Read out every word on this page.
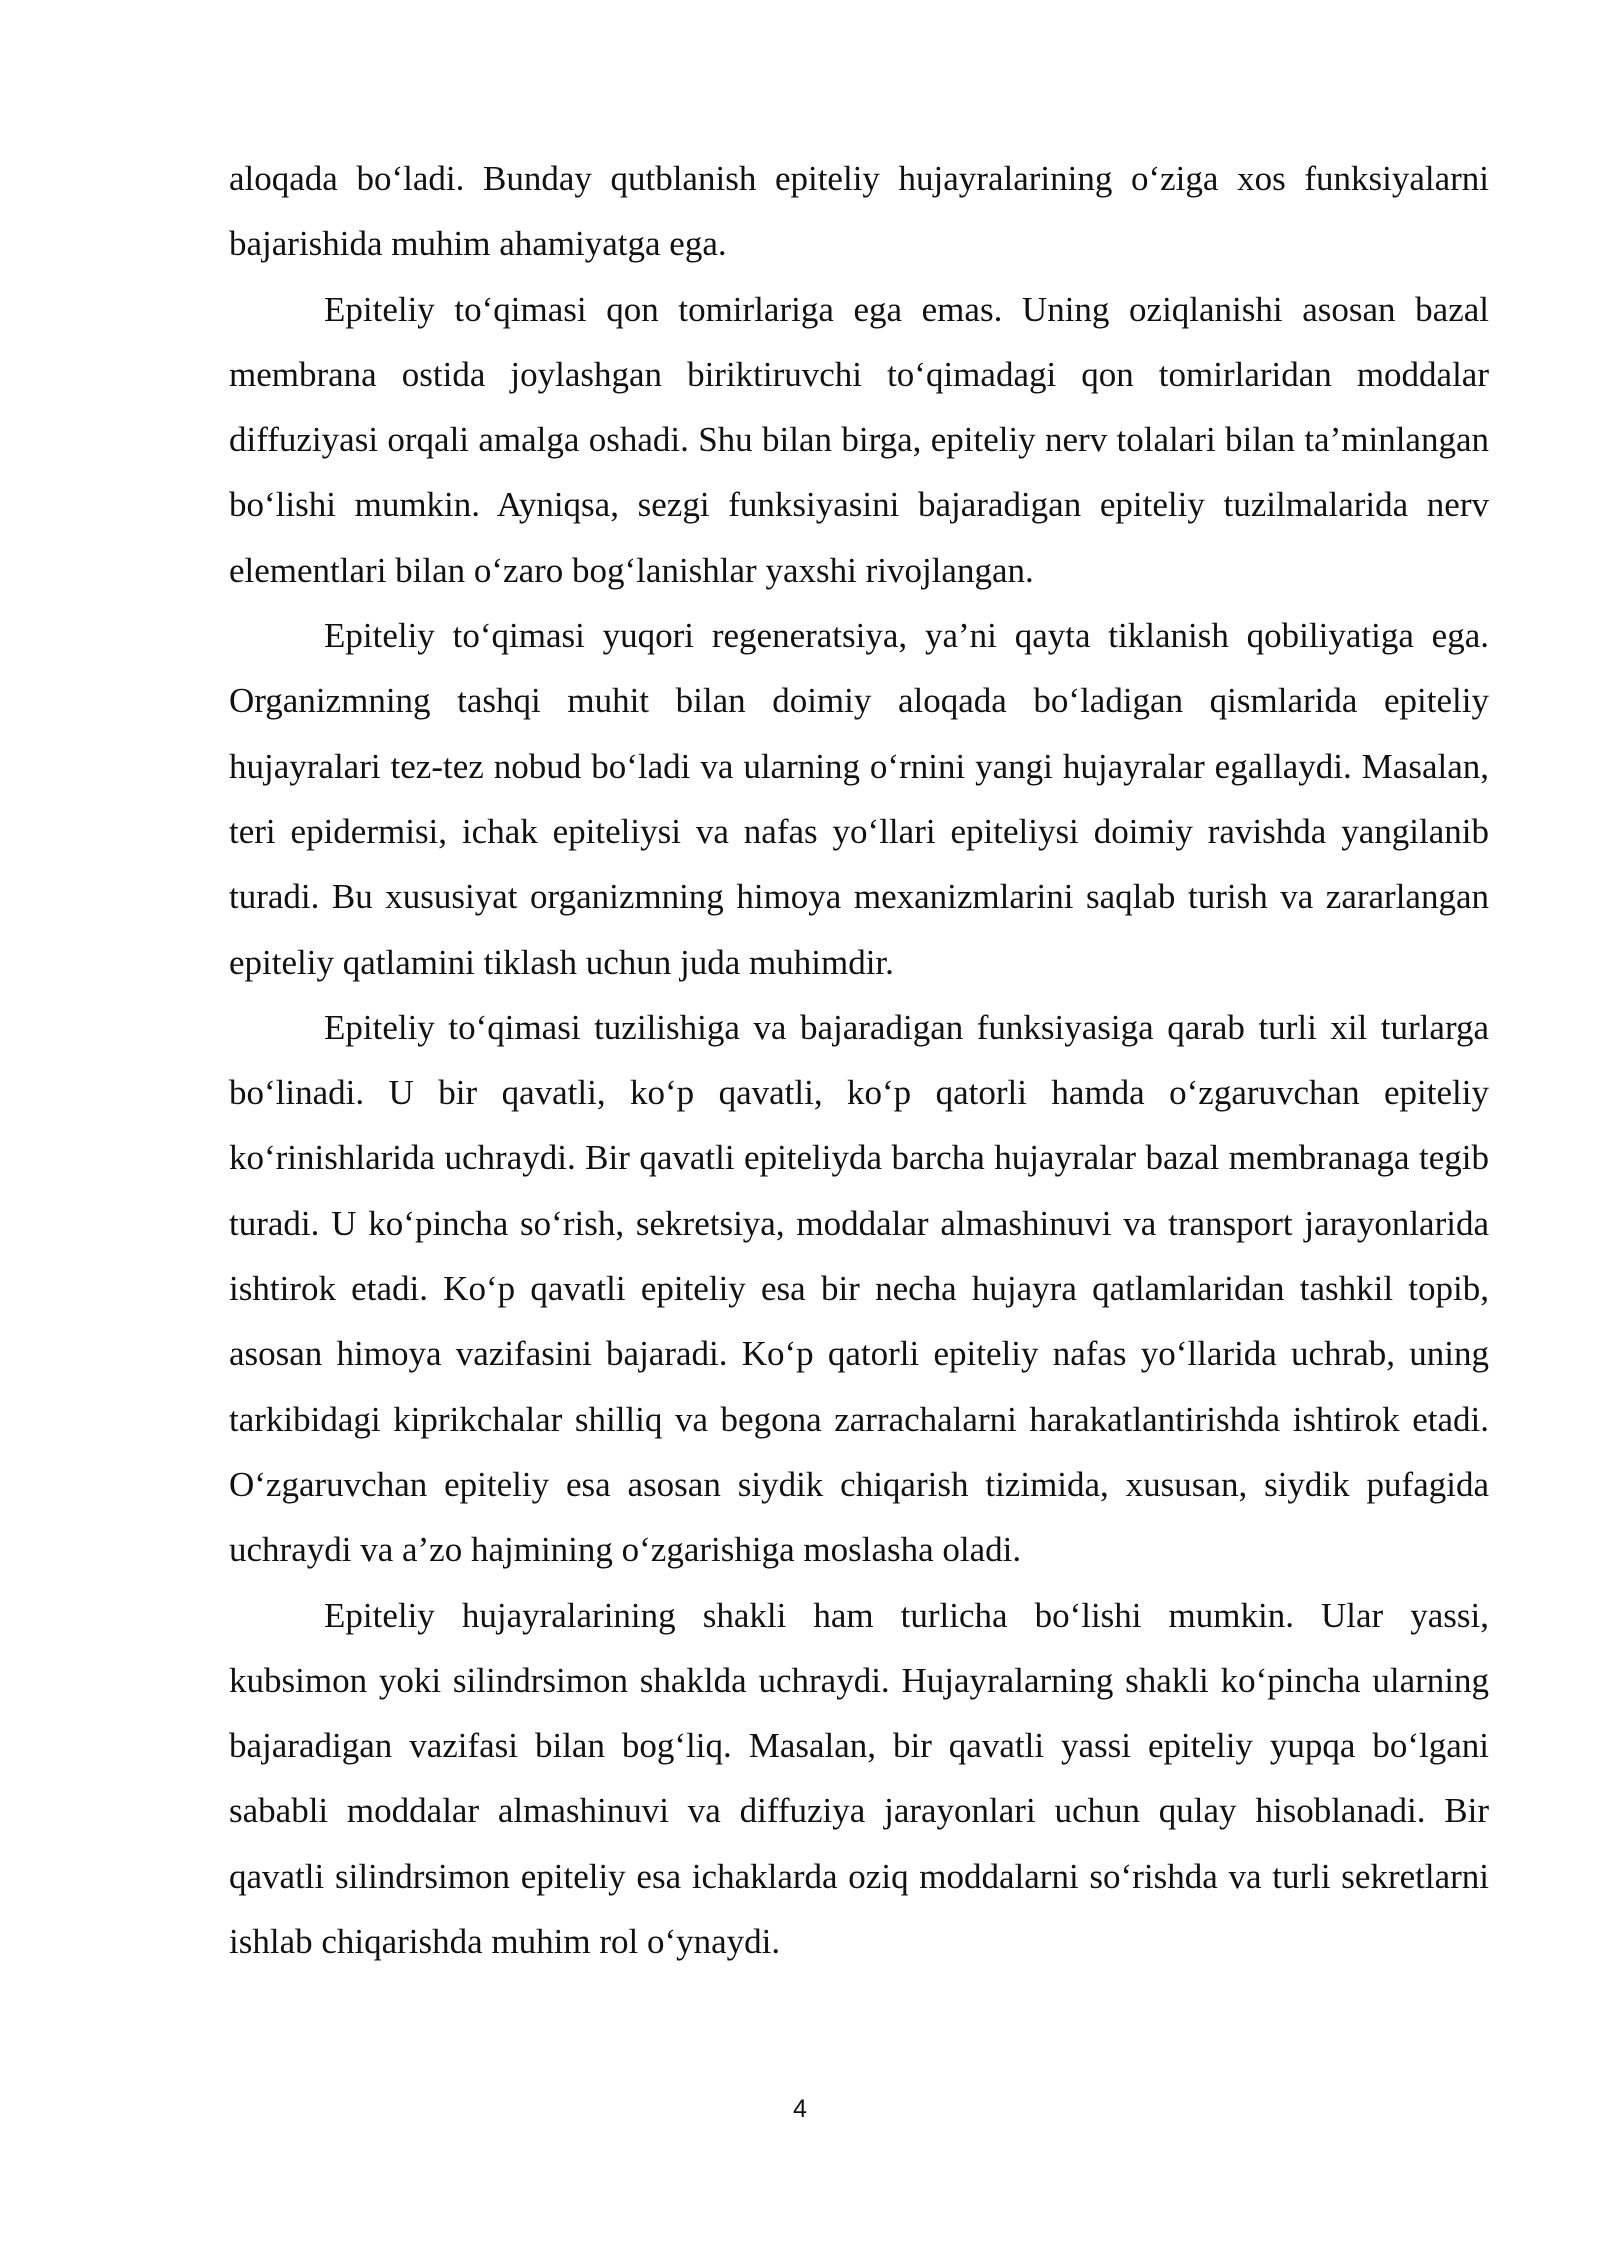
aloqada bo‘ladi. Bunday qutblanish epiteliy hujayralarining o‘ziga xos funksiyalarni bajarishida muhim ahamiyatga ega.

Epiteliy to‘qimasi qon tomirlariga ega emas. Uning oziqlanishi asosan bazal membrana ostida joylashgan biriktiruvchi to‘qimadagi qon tomirlaridan moddalar diffuziyasi orqali amalga oshadi. Shu bilan birga, epiteliy nerv tolalari bilan ta’minlangan bo‘lishi mumkin. Ayniqsa, sezgi funksiyasini bajaradigan epiteliy tuzilmalarida nerv elementlari bilan o‘zaro bog‘lanishlar yaxshi rivojlangan.

Epiteliy to‘qimasi yuqori regeneratsiya, ya’ni qayta tiklanish qobiliyatiga ega. Organizmning tashqi muhit bilan doimiy aloqada bo‘ladigan qismlarida epiteliy hujayralari tez-tez nobud bo‘ladi va ularning o‘rnini yangi hujayralar egallaydi. Masalan, teri epidermisi, ichak epiteliysi va nafas yo‘llari epiteliysi doimiy ravishda yangilanib turadi. Bu xususiyat organizmning himoya mexanizmlarini saqlab turish va zararlangan epiteliy qatlamini tiklash uchun juda muhimdir.

Epiteliy to‘qimasi tuzilishiga va bajaradigan funksiyasiga qarab turli xil turlarga bo‘linadi. U bir qavatli, ko‘p qavatli, ko‘p qatorli hamda o‘zgaruvchan epiteliy ko‘rinishlarida uchraydi. Bir qavatli epiteliyda barcha hujayralar bazal membranaga tegib turadi. U ko‘pincha so‘rish, sekretsiya, moddalar almashinuvi va transport jarayonlarida ishtirok etadi. Ko‘p qavatli epiteliy esa bir necha hujayra qatlamlaridan tashkil topib, asosan himoya vazifasini bajaradi. Ko‘p qatorli epiteliy nafas yo‘llarida uchrab, uning tarkibidagi kiprikchalar shilliq va begona zarrachalarni harakatlantirishda ishtirok etadi. O‘zgaruvchan epiteliy esa asosan siydik chiqarish tizimida, xususan, siydik pufagida uchraydi va a’zo hajmining o‘zgarishiga moslasha oladi.

Epiteliy hujayralarining shakli ham turlicha bo‘lishi mumkin. Ular yassi, kubsimon yoki silindrsimon shaklda uchraydi. Hujayralarning shakli ko‘pincha ularning bajaradigan vazifasi bilan bog‘liq. Masalan, bir qavatli yassi epiteliy yupqa bo‘lgani sababli moddalar almashinuvi va diffuziya jarayonlari uchun qulay hisoblanadi. Bir qavatli silindrsimon epiteliy esa ichaklarda oziq moddalarni so‘rishda va turli sekretlarni ishlab chiqarishda muhim rol o‘ynaydi.

4
